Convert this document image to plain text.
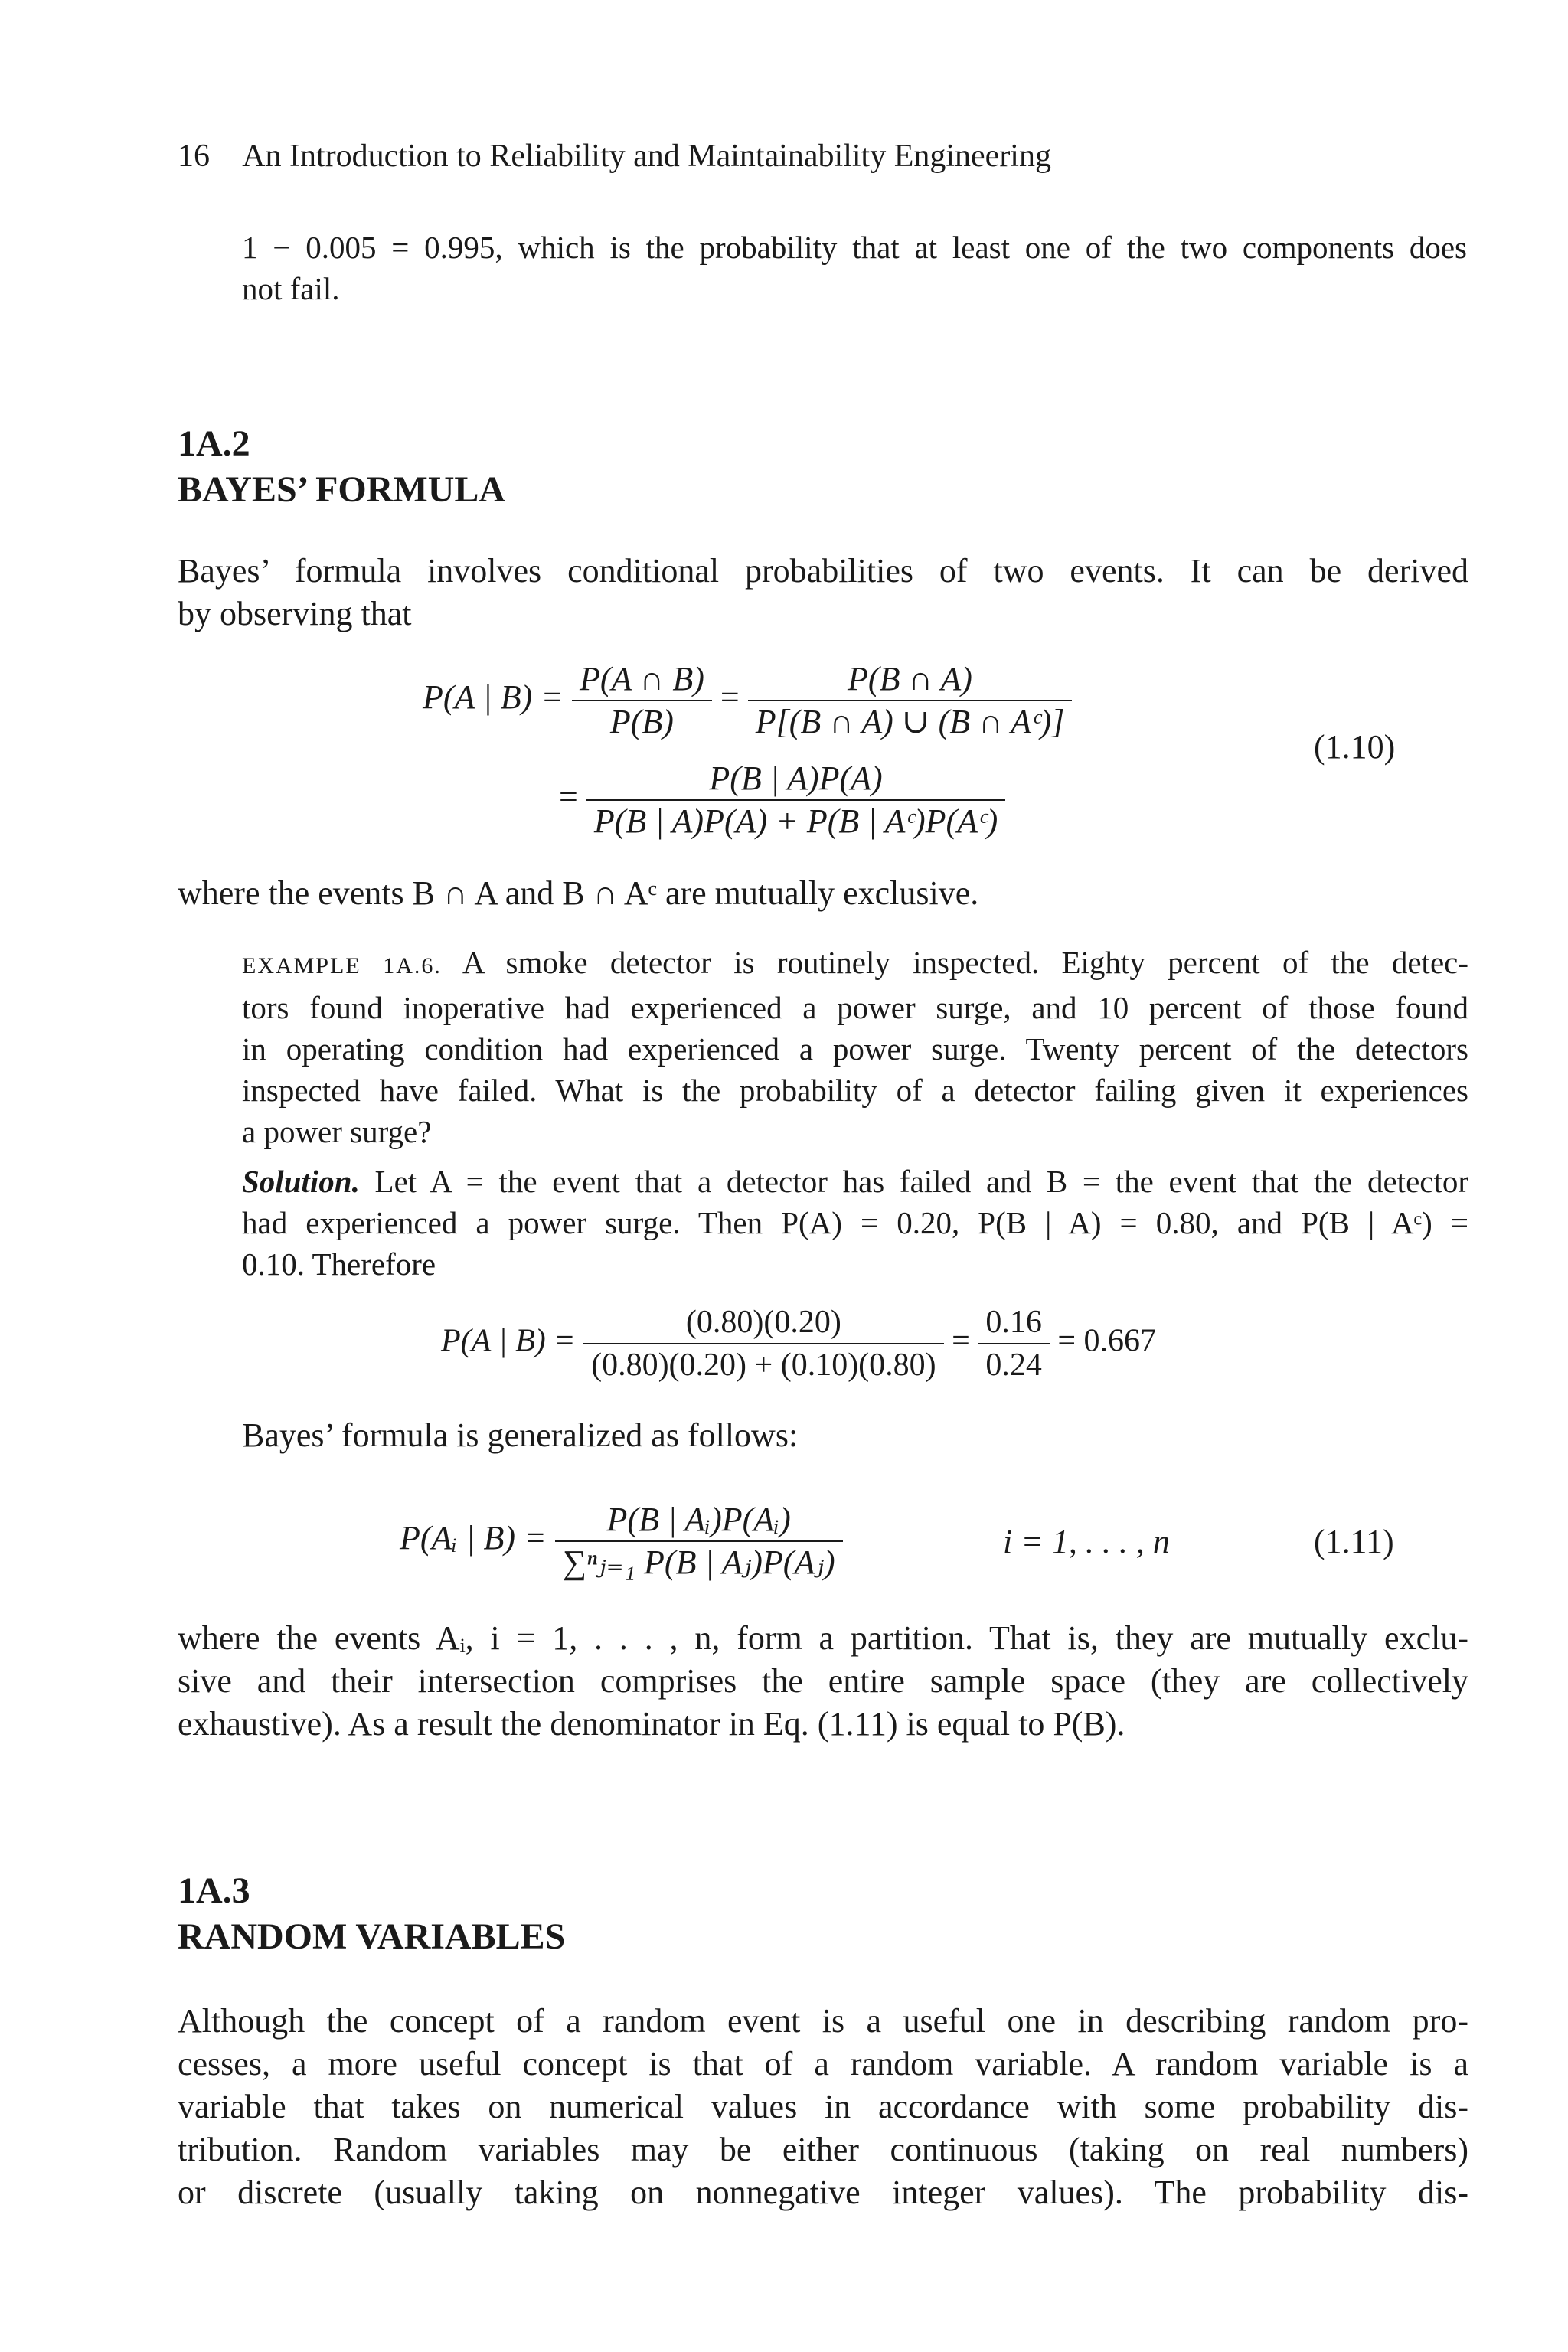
16 An Introduction to Reliability and Maintainability Engineering
1 − 0.005 = 0.995, which is the probability that at least one of the two components does
not fail.
1A.2
BAYES’ FORMULA
Bayes’ formula involves conditional probabilities of two events. It can be derived
by observing that
P(A | $B) = \frac{P(A \cap B)}{P(B)} = \frac{P(B \cap A)}{\text{P[(B ∩ A) ∪ (B ∩ Aᶜ)]}}$
= $\frac{P(B | A)P(A)}{\text{P(B | A)P(A) + P(B | Aᶜ)P(Aᶜ)}}$
(1.10)
where the events B ∩ A and B ∩ Aᶜ are mutually exclusive.
EXAMPLE 1A.6. A smoke detector is routinely inspected. Eighty percent of the detec-
tors found inoperative had experienced a power surge, and 10 percent of those found
in operating condition had experienced a power surge. Twenty percent of the detectors
inspected have failed. What is the probability of a detector failing given it experiences
a power surge?
Solution. Let A = the event that a detector has failed and B = the event that the detector
had experienced a power surge. Then P(A) = 0.20, P(B | A) = 0.80, and P(B | Aᶜ) =
0.10. Therefore
P(A | $B) = \frac{(0.80)(0.20)}{(0.80)(0.20) + (0.10)(0.80)} = \frac{0.16}{0.24} = 0.667$
Bayes’ formula is generalized as follows:
P(Aᵢ | $B) = \frac{\text{P(B | Aᵢ)P(Aᵢ)}}{\text{∑ⁿⱼ₌₁ P(B | Aⱼ)P(Aⱼ)}}$	i = 1, . . . , n	(1.11)
where the events Aᵢ, i = 1, . . . , n, form a partition. That is, they are mutually exclu-
sive and their intersection comprises the entire sample space (they are collectively
exhaustive). As a result the denominator in Eq. (1.11) is equal to P(B).
1A.3
RANDOM VARIABLES
Although the concept of a random event is a useful one in describing random pro-
cesses, a more useful concept is that of a random variable. A random variable is a
variable that takes on numerical values in accordance with some probability dis-
tribution. Random variables may be either continuous (taking on real numbers)
or discrete (usually taking on nonnegative integer values). The probability dis-
